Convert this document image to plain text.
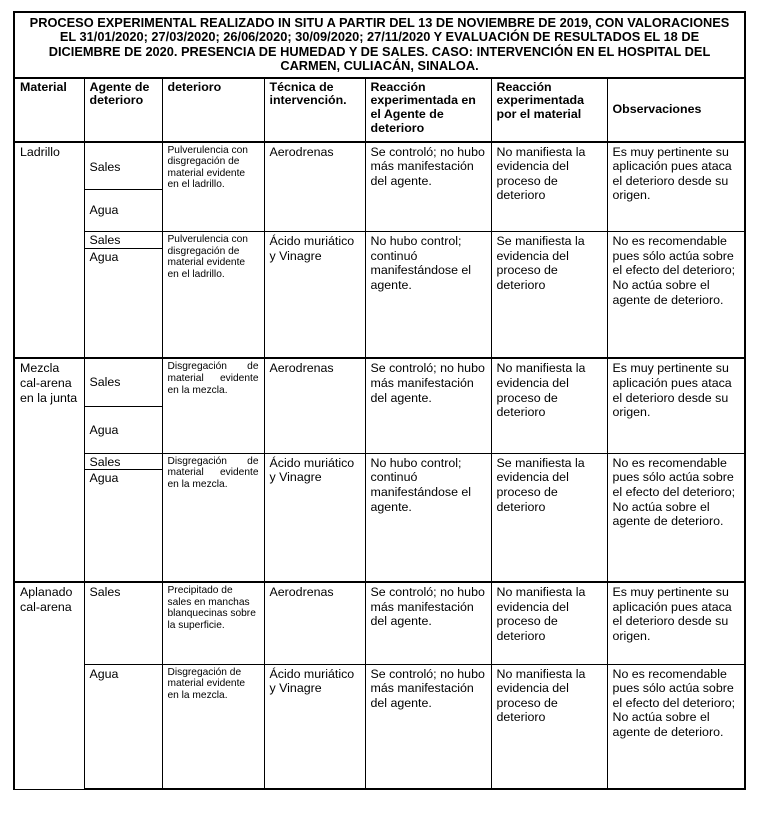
PROCESO EXPERIMENTAL REALIZADO IN SITU A PARTIR DEL 13 DE NOVIEMBRE DE 2019, CON VALORACIONES EL 31/01/2020; 27/03/2020; 26/06/2020; 30/09/2020; 27/11/2020 Y EVALUACIÓN DE RESULTADOS EL 18 DE DICIEMBRE DE 2020. PRESENCIA DE HUMEDAD Y DE SALES. CASO: INTERVENCIÓN EN EL HOSPITAL DEL CARMEN, CULIACÁN, SINALOA.						
Material	Agente de deterioro	deterioro	Técnica de intervención.	Reacción experimentada en el Agente de deterioro	Reacción experimentada por el material	Observaciones
Ladrillo	Sales	Pulverulencia con disgregación de material evidente en el ladrillo.	Aerodrenas	Se controló; no hubo más manifestación del agente.	No manifiesta la evidencia del proceso de deterioro	Es muy pertinente su aplicación pues ataca el deterioro desde su origen.
	Agua					
	Sales	Pulverulencia con disgregación de material evidente en el ladrillo.	Ácido muriático y Vinagre	No hubo control; continuó manifestándose el agente.	Se manifiesta la evidencia del proceso de deterioro	No es recomendable pues sólo actúa sobre el efecto del deterioro; No actúa sobre el agente de deterioro.
	Agua					

Mezcla cal-arena en la junta	Sales	Disgregación de material evidente en la mezcla.	Aerodrenas	Se controló; no hubo más manifestación del agente.	No manifiesta la evidencia del proceso de deterioro	Es muy pertinente su aplicación pues ataca el deterioro desde su origen.
	Agua					
	Sales	Disgregación de material evidente en la mezcla.	Ácido muriático y Vinagre	No hubo control; continuó manifestándose el agente.	Se manifiesta la evidencia del proceso de deterioro	No es recomendable pues sólo actúa sobre el efecto del deterioro; No actúa sobre el agente de deterioro.
	Agua					

Aplanado cal-arena	Sales	Precipitado de sales en manchas blanquecinas sobre la superficie.	Aerodrenas	Se controló; no hubo más manifestación del agente.	No manifiesta la evidencia del proceso de deterioro	Es muy pertinente su aplicación pues ataca el deterioro desde su origen.
	Agua	Disgregación de material evidente en la mezcla.	Ácido muriático y Vinagre	Se controló; no hubo más manifestación del agente.	No manifiesta la evidencia del proceso de deterioro	No es recomendable pues sólo actúa sobre el efecto del deterioro; No actúa sobre el agente de deterioro.
